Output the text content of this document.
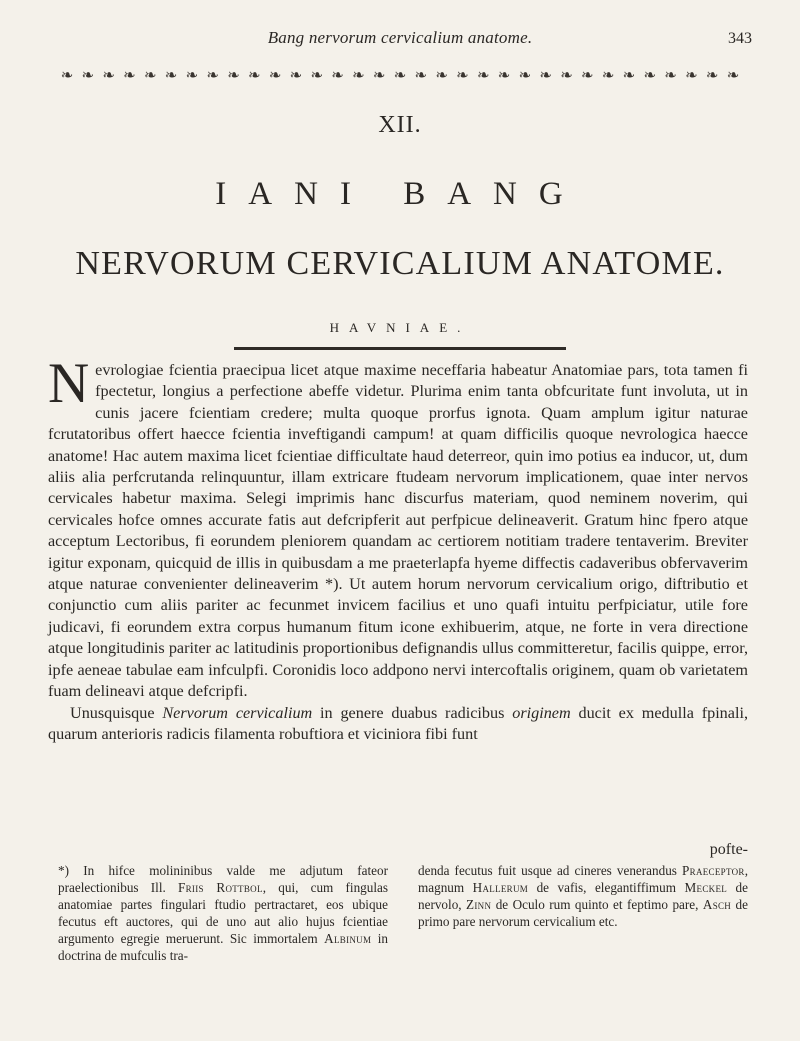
Bang nervorum cervicalium anatome.	343
❧ ❧ ❧ ❧ ❧ ❧ ❧ ❧ ❧ ❧ ❧ ❧ ❧ ❧ ❧ ❧ ❧ ❧ ❧ ❧ ❧ ❧ ❧ ❧ ❧ ❧ ❧ ❧ ❧ ❧ ❧ ❧ ❧
XII.
IANI BANG
NERVORUM CERVICALIUM ANATOME.
HAVNIAE.

Nevrologiae fcientia praecipua licet atque maxime neceffaria habeatur Anatomiae pars, tota tamen fi fpectetur, longius a perfectione abeffe videtur. Plurima enim tanta obfcuritate funt involuta, ut in cunis jacere fcientiam credere; multa quoque prorfus ignota. Quam amplum igitur naturae fcrutatoribus offert haecce fcientia inveftigandi campum! at quam difficilis quoque nevrologica haecce anatome! Hac autem maxima licet fcientiae difficultate haud deterreor, quin imo potius ea inducor, ut, dum aliis alia perfcrutanda relinquuntur, illam extricare ftudeam nervorum implicationem, quae inter nervos cervicales habetur maxima. Selegi imprimis hanc discurfus materiam, quod neminem noverim, qui cervicales hofce omnes accurate fatis aut defcripferit aut perfpicue delineaverit. Gratum hinc fpero atque acceptum Lectoribus, fi eorundem pleniorem quandam ac certiorem notitiam tradere tentaverim. Breviter igitur exponam, quicquid de illis in quibusdam a me praeterlapfa hyeme diffectis cadaveribus obfervaverim atque naturae convenienter delineaverim *). Ut autem horum nervorum cervicalium origo, diftributio et conjunctio cum aliis pariter ac fecunmet invicem facilius et uno quafi intuitu perfpiciatur, utile fore judicavi, fi eorundem extra corpus humanum fitum icone exhibuerim, atque, ne forte in vera directione atque longitudinis pariter ac latitudinis proportionibus defignandis ullus committeretur, facilis quippe, error, ipfe aeneae tabulae eam infculpfi. Coronidis loco addpono nervi intercoftalis originem, quam ob varietatem fuam delineavi atque defcripfi.

Unusquisque Nervorum cervicalium in genere duabus radicibus originem ducit ex medulla fpinali, quarum anterioris radicis filamenta robuftiora et viciniora fibi funt

pofte-

*) In hifce molininibus valde me adjutum fateor praelectionibus Ill. Friis Rottbol, qui, cum fingulas anatomiae partes fingulari ftudio pertractaret, eos ubique fecutus eft auctores, qui de uno aut alio hujus fcientiae argumento egregie meruerunt. Sic immortalem Albinum in doctrina de mufculis tra-

denda fecutus fuit usque ad cineres venerandus Praeceptor, magnum Hallerum de vafis, elegantiffimum Meckel de nervolo, Zinn de Oculo rum quinto et feptimo pare, Asch de primo pare nervorum cervicalium etc.
